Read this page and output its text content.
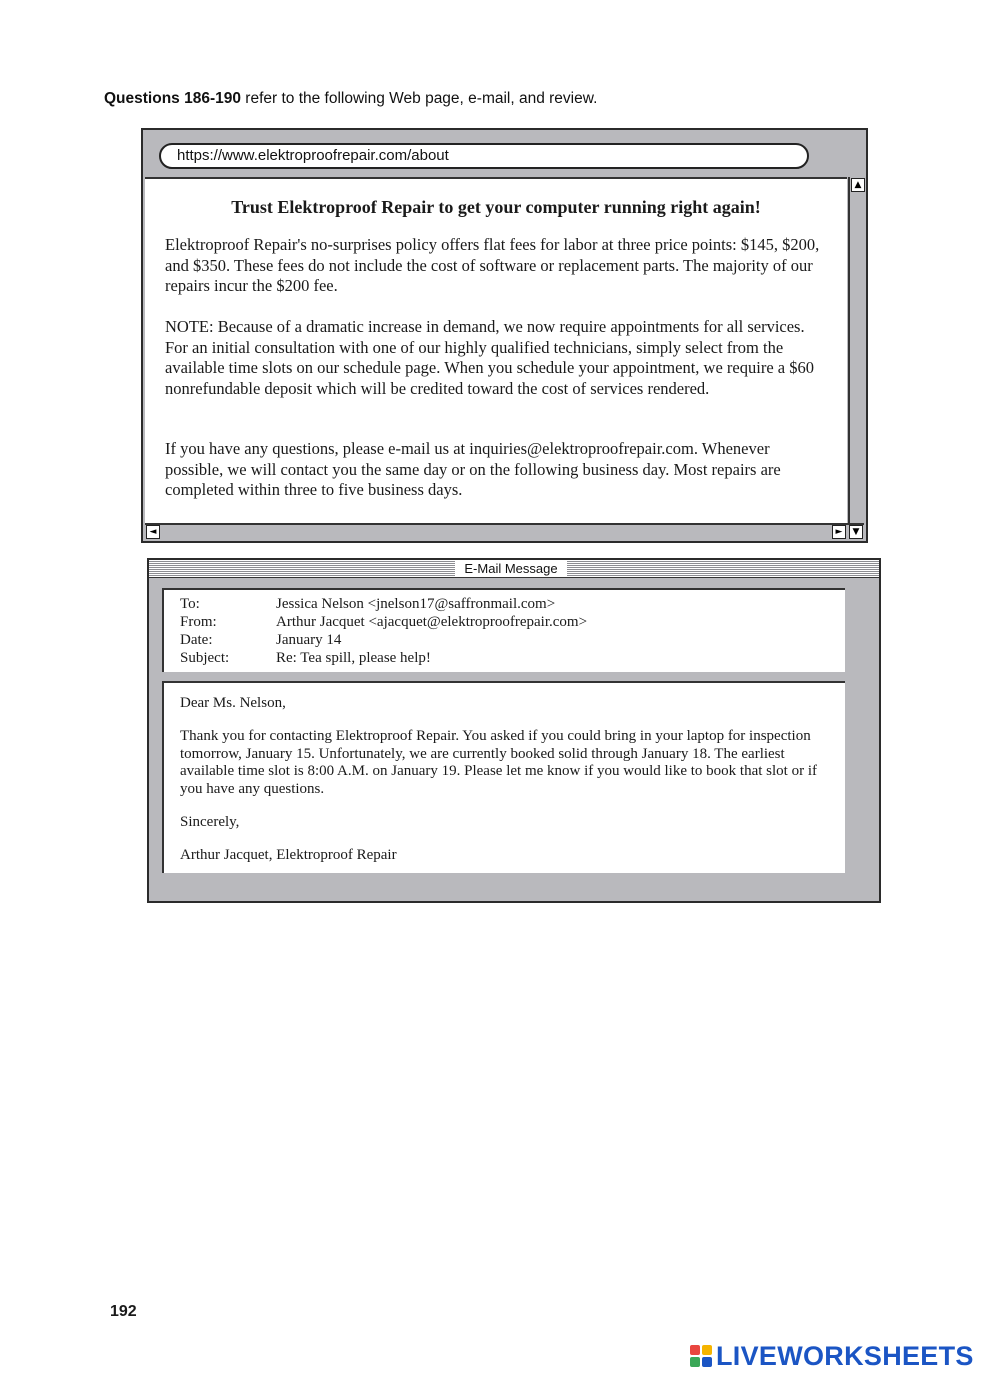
Questions 186-190 refer to the following Web page, e-mail, and review.
https://www.elektroproofrepair.com/about
Trust Elektroproof Repair to get your computer running right again!

Elektroproof Repair's no-surprises policy offers flat fees for labor at three price points: $145, $200, and $350. These fees do not include the cost of software or replacement parts. The majority of our repairs incur the $200 fee.

NOTE: Because of a dramatic increase in demand, we now require appointments for all services. For an initial consultation with one of our highly qualified technicians, simply select from the available time slots on our schedule page. When you schedule your appointment, we require a $60 nonrefundable deposit which will be credited toward the cost of services rendered.

If you have any questions, please e-mail us at inquiries@elektroproofrepair.com. Whenever possible, we will contact you the same day or on the following business day. Most repairs are completed within three to five business days.

▲
◄	►	▼
E-Mail Message
To:	Jessica Nelson <jnelson17@saffronmail.com>
From:	Arthur Jacquet <ajacquet@elektroproofrepair.com>
Date:	January 14
Subject:	Re: Tea spill, please help!

Dear Ms. Nelson,

Thank you for contacting Elektroproof Repair. You asked if you could bring in your laptop for inspection tomorrow, January 15. Unfortunately, we are currently booked solid through January 18. The earliest available time slot is 8:00 A.M. on January 19. Please let me know if you would like to book that slot or if you have any questions.

Sincerely,

Arthur Jacquet, Elektroproof Repair

192
LIVEWORKSHEETS
